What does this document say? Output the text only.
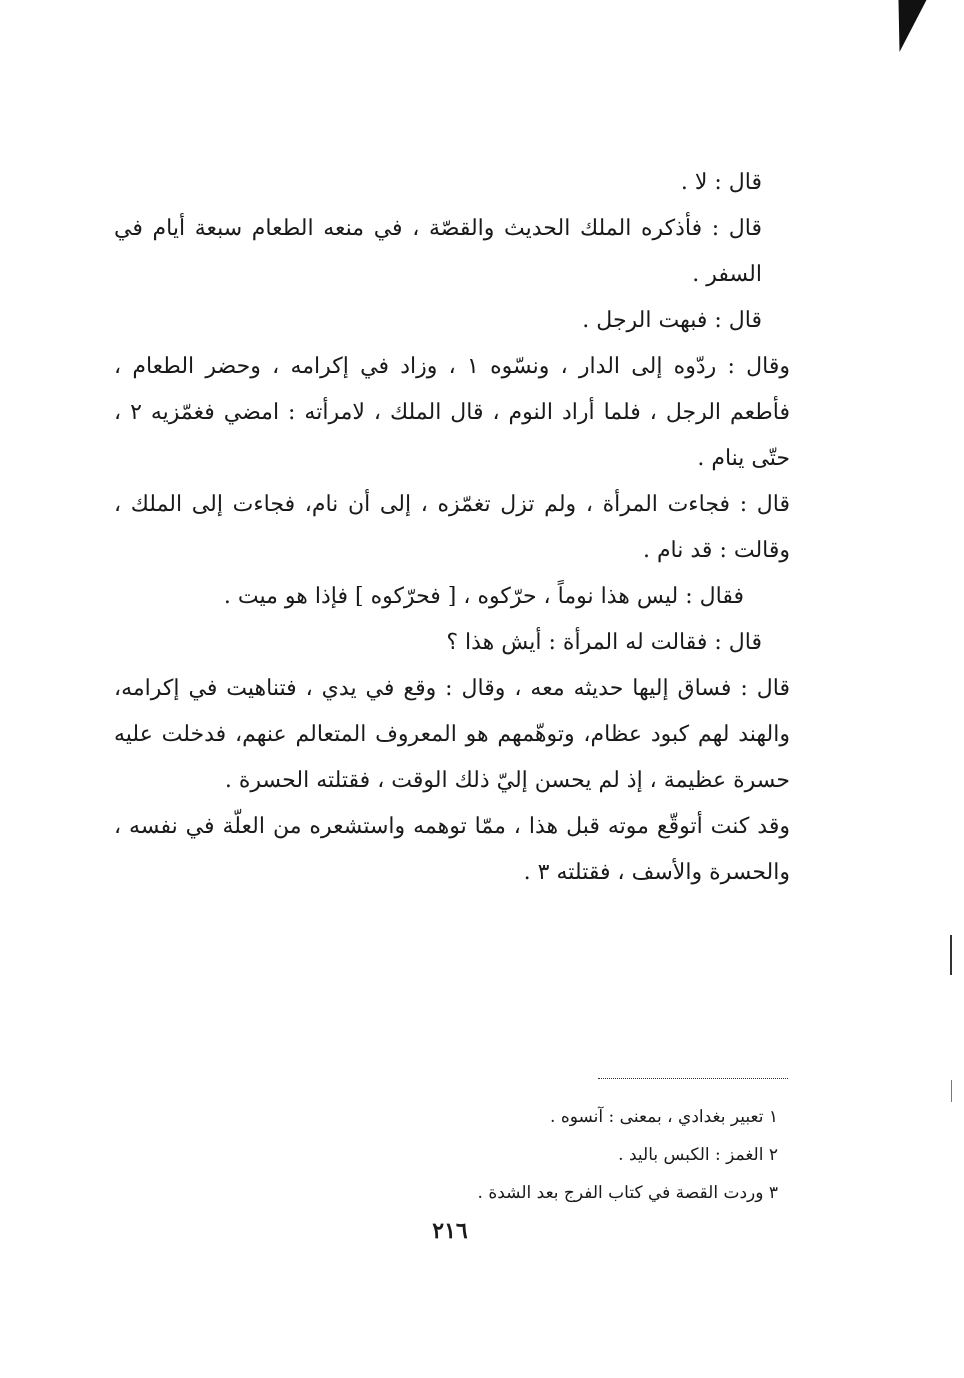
قال : لا .

قال : فأذكره الملك الحديث والقصّة ، في منعه الطعام سبعة أيام في السفر .

قال : فبهت الرجل .

وقال : ردّوه إلى الدار ، ونسّوه ١ ، وزاد في إكرامه ، وحضر الطعام ، فأطعم الرجل ، فلما أراد النوم ، قال الملك ، لامرأته : امضي فغمّزيه ٢ ، حتّى ينام .

قال : فجاءت المرأة ، ولم تزل تغمّزه ، إلى أن نام، فجاءت إلى الملك ، وقالت : قد نام .

فقال : ليس هذا نوماً ، حرّكوه ، [ فحرّكوه ] فإذا هو ميت .

قال : فقالت له المرأة : أيش هذا ؟

قال : فساق إليها حديثه معه ، وقال : وقع في يدي ، فتناهيت في إكرامه، والهند لهم كبود عظام، وتوهّمهم هو المعروف المتعالم عنهم، فدخلت عليه حسرة عظيمة ، إذ لم يحسن إليّ ذلك الوقت ، فقتلته الحسرة .

وقد كنت أتوقّع موته قبل هذا ، ممّا توهمه واستشعره من العلّة في نفسه ، والحسرة والأسف ، فقتلته ٣ .

١ تعبير بغدادي ، بمعنى : آنسوه .

٢ الغمز : الكبس باليد .

٣ وردت القصة في كتاب الفرج بعد الشدة .

٢١٦
